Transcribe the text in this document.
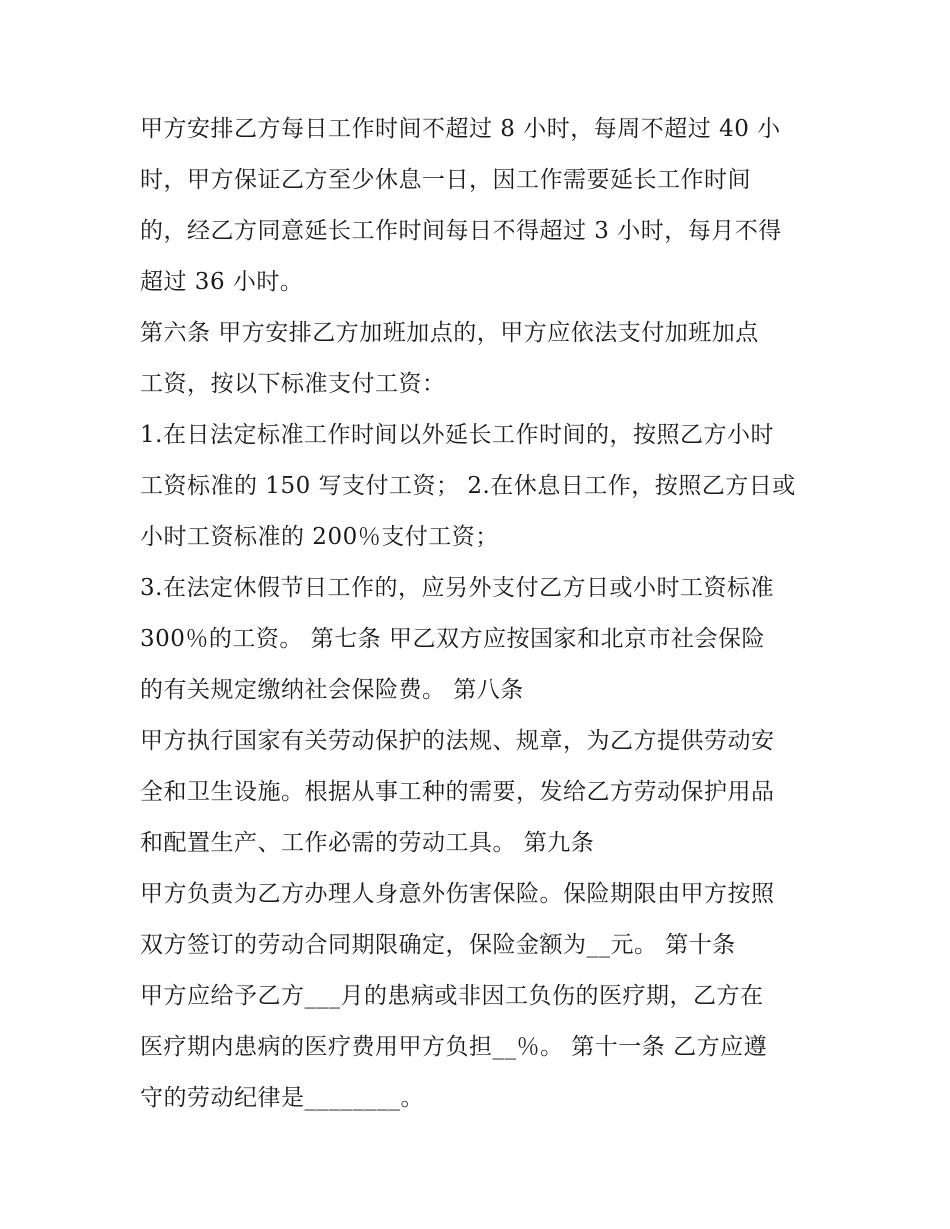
甲方安排乙方每日工作时间不超过 8 小时，每周不超过 40 小
时，甲方保证乙方至少休息一日，因工作需要延长工作时间
的，经乙方同意延长工作时间每日不得超过 3 小时，每月不得
超过 36 小时。
第六条 甲方安排乙方加班加点的，甲方应依法支付加班加点
工资，按以下标准支付工资：
1.在日法定标准工作时间以外延长工作时间的，按照乙方小时
工资标准的 150 写支付工资； 2.在休息日工作，按照乙方日或
小时工资标准的 200％支付工资；
3.在法定休假节日工作的，应另外支付乙方日或小时工资标准
300％的工资。 第七条 甲乙双方应按国家和北京市社会保险
的有关规定缴纳社会保险费。 第八条
甲方执行国家有关劳动保护的法规、规章，为乙方提供劳动安
全和卫生设施。根据从事工种的需要，发给乙方劳动保护用品
和配置生产、工作必需的劳动工具。 第九条
甲方负责为乙方办理人身意外伤害保险。保险期限由甲方按照
双方签订的劳动合同期限确定，保险金额为__元。 第十条
甲方应给予乙方___月的患病或非因工负伤的医疗期，乙方在
医疗期内患病的医疗费用甲方负担__％。 第十一条 乙方应遵
守的劳动纪律是________。
